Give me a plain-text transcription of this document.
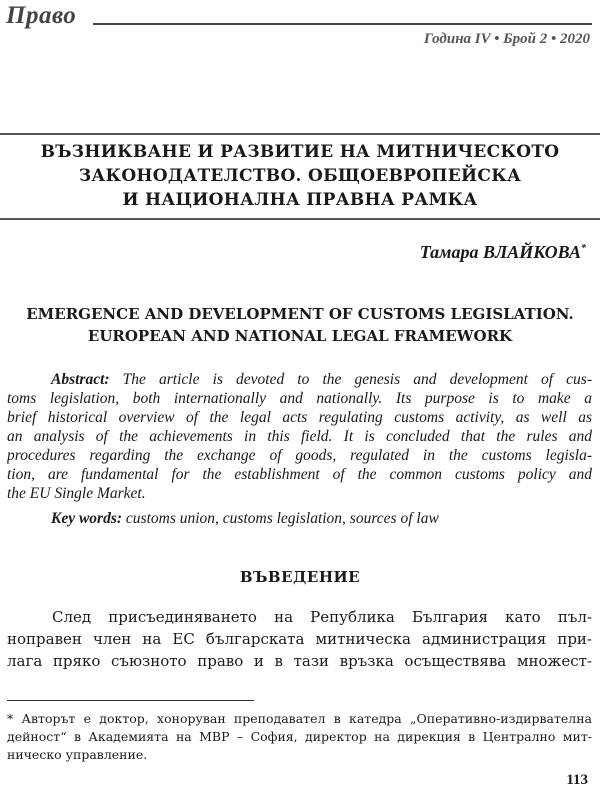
Право
Година IV • Брой 2 • 2020
ВЪЗНИКВАНЕ И РАЗВИТИЕ НА МИТНИЧЕСКОТО
ЗАКОНОДАТЕЛСТВО. ОБЩОЕВРОПЕЙСКА
И НАЦИОНАЛНА ПРАВНА РАМКА
Тамара ВЛАЙКОВА*
EMERGENCE AND DEVELOPMENT OF CUSTOMS LEGISLATION.
EUROPEAN AND NATIONAL LEGAL FRAMEWORK
Abstract: The article is devoted to the genesis and development of cus-
toms legislation, both internationally and nationally. Its purpose is to make a
brief historical overview of the legal acts regulating customs activity, as well as
an analysis of the achievements in this field. It is concluded that the rules and
procedures regarding the exchange of goods, regulated in the customs legisla-
tion, are fundamental for the establishment of the common customs policy and
the EU Single Market.
Key words: customs union, customs legislation, sources of law
ВЪВЕДЕНИЕ
След присъединяването на Република България като пъл-
ноправен член на ЕС българската митническа администрация при-
лага пряко съюзното право и в тази връзка осъществява множест-
* Авторът е доктор, хоноруван преподавател в катедра „Оперативно-издирвателна
дейност“ в Академията на МВР – София, директор на дирекция в Централно мит-
ническо управление.
113
